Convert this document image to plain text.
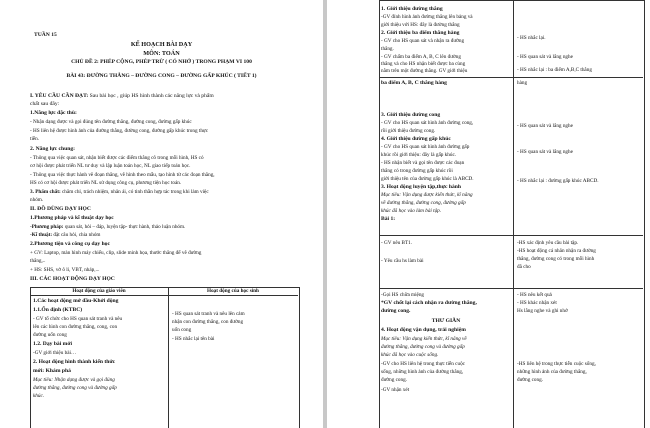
TUẦN 15
KẾ HOẠCH BÀI DẠY
MÔN: TOÁN
CHỦ ĐỀ 2: PHÉP CỘNG, PHÉP TRỪ ( CÓ NHỚ ) TRONG PHẠM VI 100
BÀI 43: ĐƯỜNG THẲNG – ĐƯỜNG CONG – ĐƯỜNG GẤP KHÚC ( TIẾT 1)
I. YÊU CẦU CẦN ĐẠT: Sau bài học , giúp HS hình thành các năng lực và phẩm
chất sau đây:
1.Năng lực đặc thù:
- Nhận dạng được và gọi đúng tên đường thẳng, đường cong, đường gấp khúc
- HS liên hệ được hình ảnh của đường thẳng, đường cong, đường gấp khúc trong thực
tiễn.
2. Năng lực chung:
- Thông qua việc quan sát, nhận biết được các điểm thẳng cô trong mỗi hình, HS có
cơ hội được phát triển NL tư duy và lập luận toán học, NL giao tiếp toán học.
- Thông qua việc thực hành vẽ đoạn thẳng, vẽ hình theo mẫu, tạo hình từ các đoạn thẳng,
HS có cơ hội được phát triển NL sử dụng công cụ, phương tiện học toán.
3. Phẩm chất: chăm chỉ, trách nhiệm, nhân ái, có tinh thần hợp tác trong khi làm việc
nhóm.
II. ĐỒ DÙNG DẠY HỌC
1.Phương pháp và kĩ thuật dạy học
-Phương pháp: quan sát, hỏi – đáp, luyện tập- thực hành, thảo luận nhóm.
-Kĩ thuật: đặt câu hỏi, chia nhóm
2.Phương tiện và công cụ dạy học
+ GV: Laptop, màn hình máy chiếu, clip, slide minh họa, thước thẳng để vẽ đường
thẳng,..
+ HS: SHS, vở ô li, VBT, nháp,...
III. CÁC HOẠT ĐỘNG DẠY HỌC
Hoạt động của giáo viên	Hoạt động của học sinh
1.Các hoạt động mở đầu-Khởi động
1.1.Ổn định (KTBC)
- GV tổ chức cho HS quan sát tranh và nêu
lên các hình con đường thẳng, cong, con
đường uốn cong
1.2. Dạy bài mới
-GV giới thiệu bài…
2. Hoạt động hình thành kiến thức
mới: Khám phá
Mục tiêu: Nhận dạng được và gọi đúng
đường thẳng, đường cong và đường gấp
khúc.
- HS quan sát tranh và nêu lên cảm
nhận con đường thẳng, con đường
uốn cong
- HS nhắc lại tên bài
1. Giới thiệu đường thẳng
-GV đính hình ảnh đường thẳng lên bảng và
giới thiệu với HS: đây là đường thẳng
2. Giới thiệu ba điểm thẳng hàng
- GV cho HS quan sát và nhận ra đường
thẳng.
- GV chấm ba điểm A, B, C lên đường
thẳng và cho HS nhận biết được ba cùng
nằm trên một đường thẳng. GV giới thiệu
- HS nhắc lại.
- HS quan sát và lắng nghe
- HS nhắc lại : ba điểm A,B,C thẳng
ba điểm A, B, C thẳng hàng	hàng
3. Giới thiệu đường cong
- GV cho HS quan sát hình ảnh đường cong,
rồi giới thiệu đường cong.
4. Giới thiệu đường gấp khúc
- GV cho HS quan sát hình ảnh đường gấp
khúc rồi giới thiệu: đây là gấp khúc.
- HS nhận biết và gọi tên được các đoạn
thẳng có trong đường gấp khúc rồi
giới thiệu tên của đường gấp khúc là ABCD.
3. Hoạt động luyện tập,thực hành
Mục tiêu: Vận dụng được kiến thức, kĩ năng
về đường thẳng, đường cong, đường gấp
khúc đã học vào làm bài tập.
Bài 1:
- GV nêu BT1.
- Yêu cầu hs làm bài
- HS quan sát và lắng nghe
- HS quan sát và lắng nghe
- HS nhắc lại : đường gấp khúc ABCD.
-HS xác định yêu cầu bài tập.
-HS hoạt động cá nhân nhận ra đường
thẳng, đường cong có trong mỗi hình
đã cho
-Gọi HS chữa miệng
*GV chốt lại cách nhận ra đường thẳng,
đường cong.
THƯ GIÃN
4. Hoạt động vận dụng, trải nghiệm
Mục tiêu: Vận dụng kiến thức, kĩ năng về
đường thẳng, đường cong và đường gấp
khúc đã học vào cuộc sống.
-GV cho HS liên hệ trong thực tiễn cuộc
sống, những hình ảnh của đường thẳng,
đường cong.
-GV nhận xét
- HS nêu kết quả
- HS khác nhận xét
Hs lắng nghe và ghi nhớ
-HS liên hệ trong thực tiễn cuộc sống,
những hình ảnh của đường thẳng,
đường cong.
